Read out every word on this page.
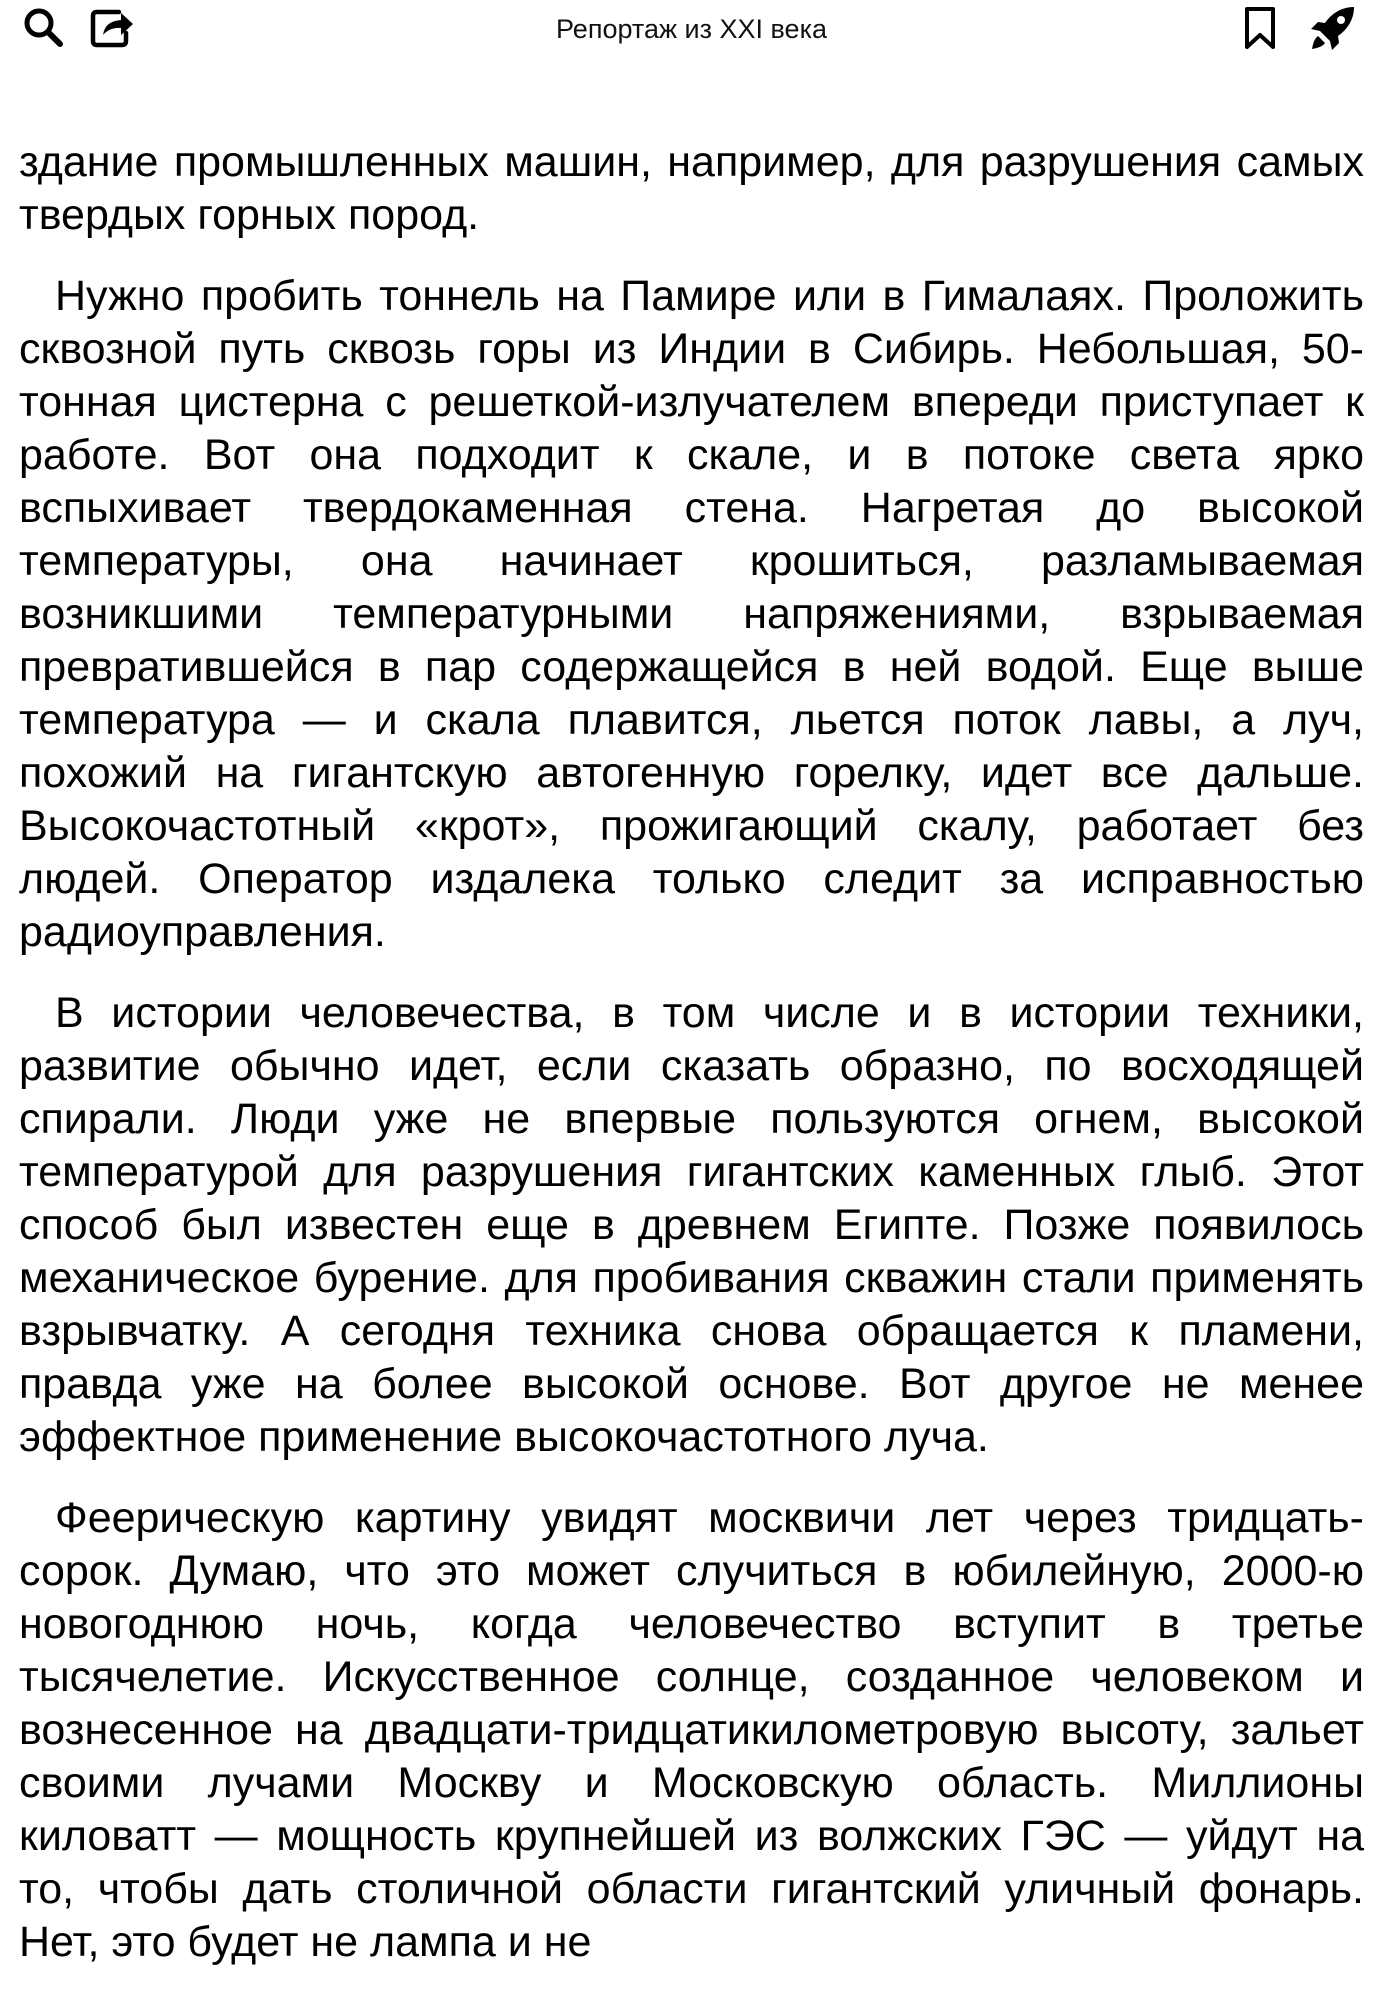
Репортаж из XXI века

здание промышленных машин, например, для разрушения самых твердых горных пород.

Нужно пробить тоннель на Памире или в Гималаях. Проложить сквозной путь сквозь горы из Индии в Сибирь. Небольшая, 50-тонная цистерна с решеткой-излучателем впереди приступает к работе. Вот она подходит к скале, и в потоке света ярко вспыхивает твердокаменная стена. Нагретая до высокой температуры, она начинает крошиться, разламываемая возникшими температурными напряжениями, взрываемая превратившейся в пар содержащейся в ней водой. Еще выше температура — и скала плавится, льется поток лавы, а луч, похожий на гигантскую автогенную горелку, идет все дальше. Высокочастотный «крот», прожигающий скалу, работает без людей. Оператор издалека только следит за исправностью радиоуправления.

В истории человечества, в том числе и в истории техники, развитие обычно идет, если сказать образно, по восходящей спирали. Люди уже не впервые пользуются огнем, высокой температурой для разрушения гигантских каменных глыб. Этот способ был известен еще в древнем Египте. Позже появилось механическое бурение. для пробивания скважин стали применять взрывчатку. А сегодня техника снова обращается к пламени, правда уже на более высокой основе. Вот другое не менее эффектное применение высокочастотного луча.

Феерическую картину увидят москвичи лет через тридцать-сорок. Думаю, что это может случиться в юбилейную, 2000-ю новогоднюю ночь, когда человечество вступит в третье тысячелетие. Искусственное солнце, созданное человеком и вознесенное на двадцати-тридцатикилометровую высоту, зальет своими лучами Москву и Московскую область. Миллионы киловатт — мощность крупнейшей из волжских ГЭС — уйдут на то, чтобы дать столичной области гигантский уличный фонарь. Нет, это будет не лампа и не
